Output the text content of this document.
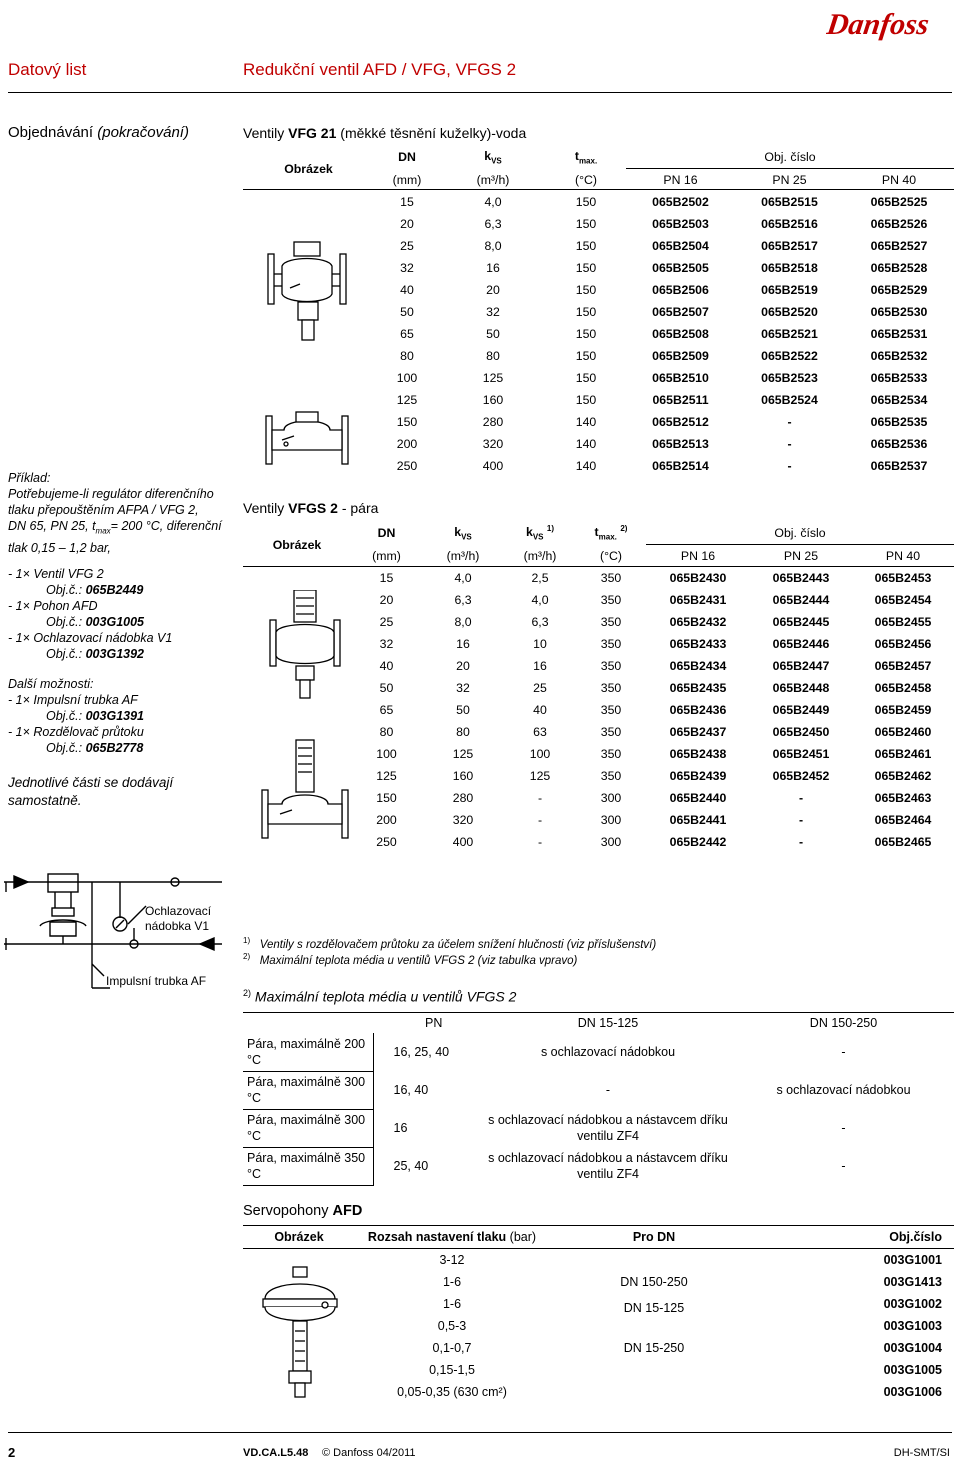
Danfoss
Datový list	Redukční ventil AFD / VFG, VFGS 2
Objednávání (pokračování)

Příklad:

Potřebujeme-li regulátor diferenčního

tlaku přepouštěním AFPA / VFG 2,

DN 65, PN 25, $t_{max}= 200$ °C, diferenční

tlak 0,15 – 1,2 bar,

- 1× Ventil VFG 2

Obj.č.: 065B2449

- 1× Pohon AFD

Obj.č.: 003G1005

- 1× Ochlazovací nádobka V1

Obj.č.: 003G1392

Další možnosti:

- 1× Impulsní trubka AF

Obj.č.: 003G1391

- 1× Rozdělovač průtoku

Obj.č.: 065B2778

Jednotlivé části se dodávají samostatně.

Ochlazovací nádobka V1
Impulsní trubka AF
Ventily VFG 21 (měkké těsnění kuželky)-voda
Obrázek	DN	$k_{VS}$	$t_{max.}$	Obj. číslo		
	(mm)	(m³/h)	(°C)	PN 16	PN 25	PN 40
	15	4,0	150	065B2502	065B2515	065B2525
	20	6,3	150	065B2503	065B2516	065B2526
	25	8,0	150	065B2504	065B2517	065B2527
	32	16	150	065B2505	065B2518	065B2528
	40	20	150	065B2506	065B2519	065B2529
	50	32	150	065B2507	065B2520	065B2530
	65	50	150	065B2508	065B2521	065B2531
	80	80	150	065B2509	065B2522	065B2532
	100	125	150	065B2510	065B2523	065B2533
	125	160	150	065B2511	065B2524	065B2534
	150	280	140	065B2512	-	065B2535
	200	320	140	065B2513	-	065B2536
	250	400	140	065B2514	-	065B2537
Ventily VFGS 2 - pára
Obrázek	DN	$k_{VS}$	$k_{VS}$ $^{1)}$	$t_{max.}$ $^{2)}$	Obj. číslo		
	(mm)	(m³/h)	(m³/h)	(°C)	PN 16	PN 25	PN 40
	15	4,0	2,5	350	065B2430	065B2443	065B2453
	20	6,3	4,0	350	065B2431	065B2444	065B2454
	25	8,0	6,3	350	065B2432	065B2445	065B2455
	32	16	10	350	065B2433	065B2446	065B2456
	40	20	16	350	065B2434	065B2447	065B2457
	50	32	25	350	065B2435	065B2448	065B2458
	65	50	40	350	065B2436	065B2449	065B2459
	80	80	63	350	065B2437	065B2450	065B2460
	100	125	100	350	065B2438	065B2451	065B2461
	125	160	125	350	065B2439	065B2452	065B2462
	150	280	-	300	065B2440	-	065B2463
	200	320	-	300	065B2441	-	065B2464
	250	400	-	300	065B2442	-	065B2465
$^{1)}$ Ventily s rozdělovačem průtoku za účelem snížení hlučnosti (viz příslušenství)
$^{2)}$ Maximální teplota média u ventilů VFGS 2 (viz tabulka vpravo)
$^{2)}$ Maximální teplota média u ventilů VFGS 2
	PN	DN 15-125	DN 150-250
Pára, maximálně 200 °C	16, 25, 40	s ochlazovací nádobkou	-
Pára, maximálně 300 °C	16, 40	-	s ochlazovací nádobkou
Pára, maximálně 300 °C	16	s ochlazovací nádobkou a nástavcem dříku ventilu ZF4	-
Pára, maximálně 350 °C	25, 40	s ochlazovací nádobkou a nástavcem dříku ventilu ZF4	-
Servopohony AFD
Obrázek	Rozsah nastavení tlaku (bar)	Pro DN	Obj.číslo
	3-12		003G1001
	1-6	DN 150-250	003G1413
	1-6	DN 15-125	003G1002
	0,5-3		003G1003
	0,1-0,7	DN 15-250	003G1004
	0,15-1,5		003G1005
	0,05-0,35 (630 cm²)		003G1006
2	VD.CA.L5.48 © Danfoss 04/2011	DH-SMT/SI
